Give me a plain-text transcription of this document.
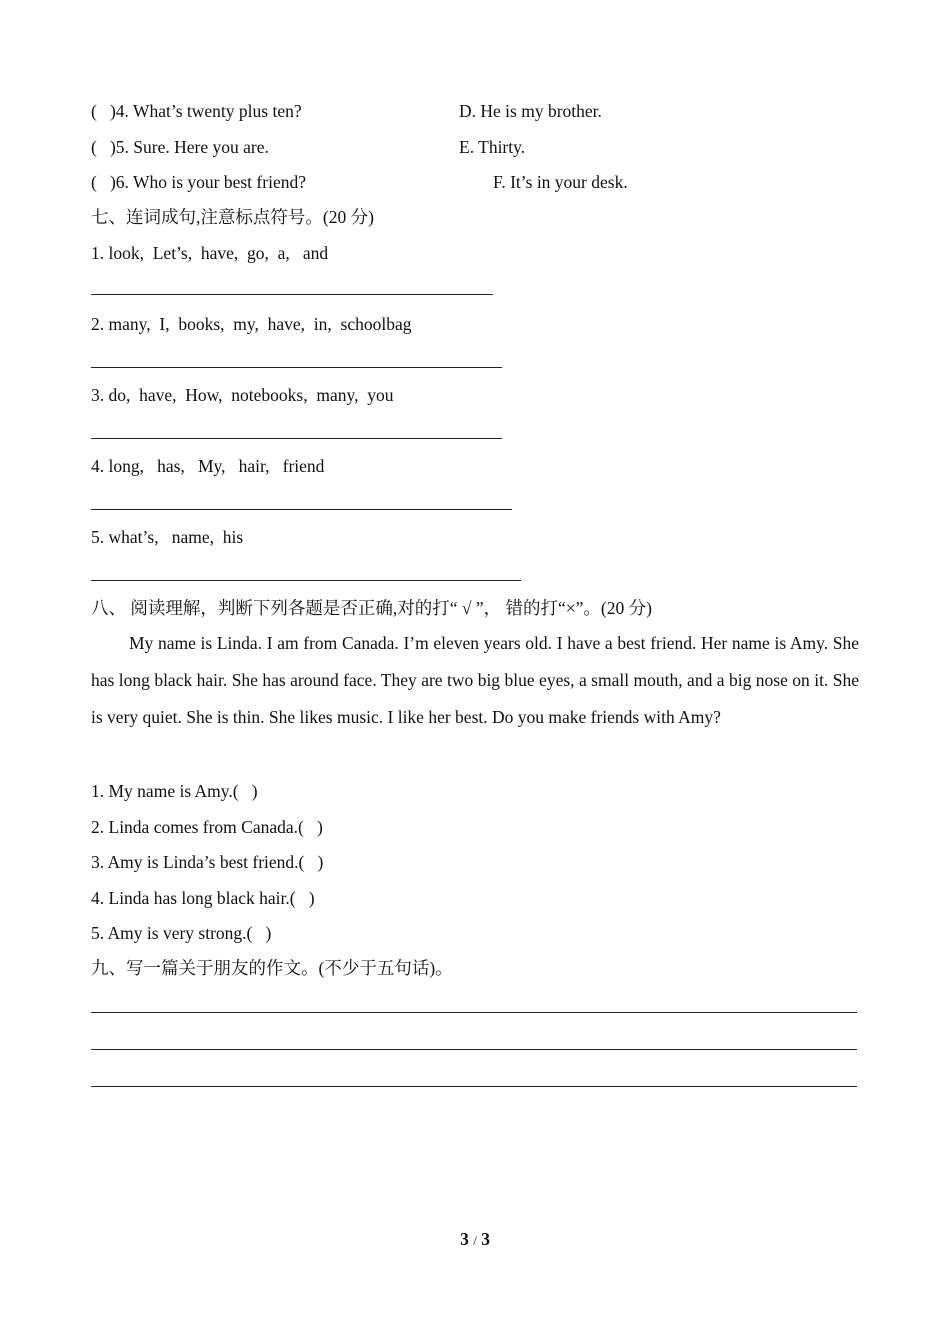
(   )4. What’s twenty plus ten?	D. He is my brother.
(   )5. Sure. Here you are.	E. Thirty.
(   )6. Who is your best friend?	F. It’s in your desk.
七、连词成句,注意标点符号。(20 分)
1. look,  Let’s,  have,  go,  a,   and
2. many,  I,  books,  my,  have,  in,  schoolbag
3. do,  have,  How,  notebooks,  many,  you
4. long,   has,   My,   hair,   friend
5. what’s,   name,  his
八、 阅读理解，判断下列各题是否正确,对的打“ √ ”， 错的打“×”。(20 分)
My name is Linda. I am from Canada. I’m eleven years old. I have a best friend. Her name is Amy. She has long black hair. She has around face. They are two big blue eyes, a small mouth, and a big nose on it. She is very quiet. She is thin. She likes music. I like her best. Do you make friends with Amy?
1. My name is Amy.(   )
2. Linda comes from Canada.(   )
3. Amy is Linda’s best friend.(   )
4. Linda has long black hair.(   )
5. Amy is very strong.(   )
九、写一篇关于朋友的作文。(不少于五句话)。
3 / 3
